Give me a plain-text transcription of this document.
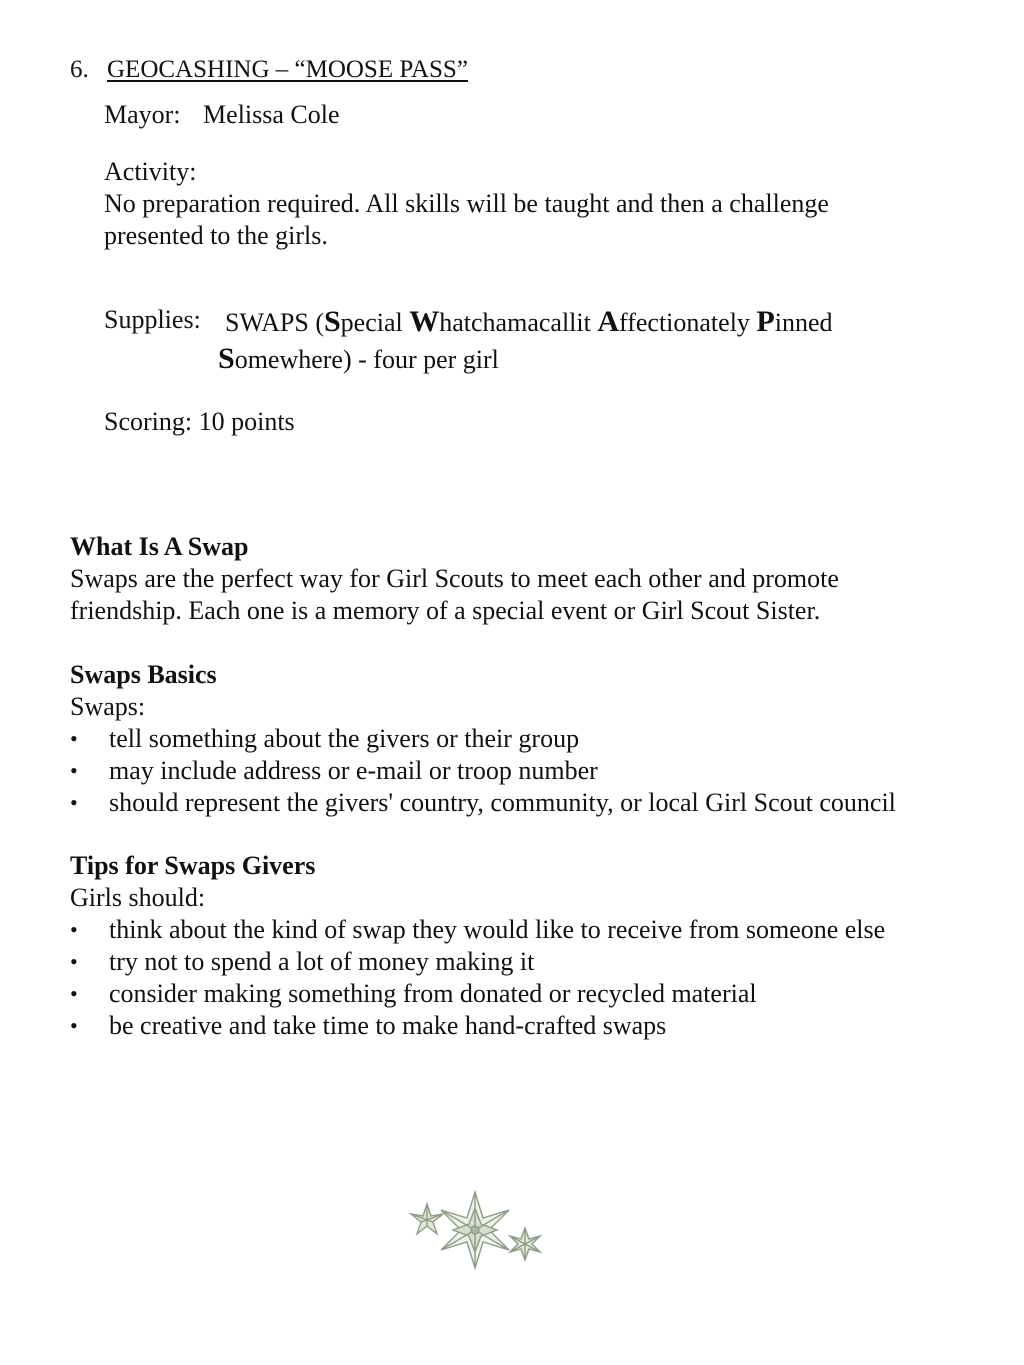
6. GEOCASHING – “MOOSE PASS”
Mayor: Melissa Cole
Activity:
No preparation required. All skills will be taught and then a challenge
presented to the girls.
Supplies: SWAPS (Special Whatchamacallit Affectionately Pinned
Somewhere) - four per girl
Scoring: 10 points
What Is A Swap
Swaps are the perfect way for Girl Scouts to meet each other and promote
friendship. Each one is a memory of a special event or Girl Scout Sister.
Swaps Basics
Swaps:
• tell something about the givers or their group
• may include address or e-mail or troop number
• should represent the givers' country, community, or local Girl Scout council
Tips for Swaps Givers
Girls should:
• think about the kind of swap they would like to receive from someone else
• try not to spend a lot of money making it
• consider making something from donated or recycled material
• be creative and take time to make hand-crafted swaps
